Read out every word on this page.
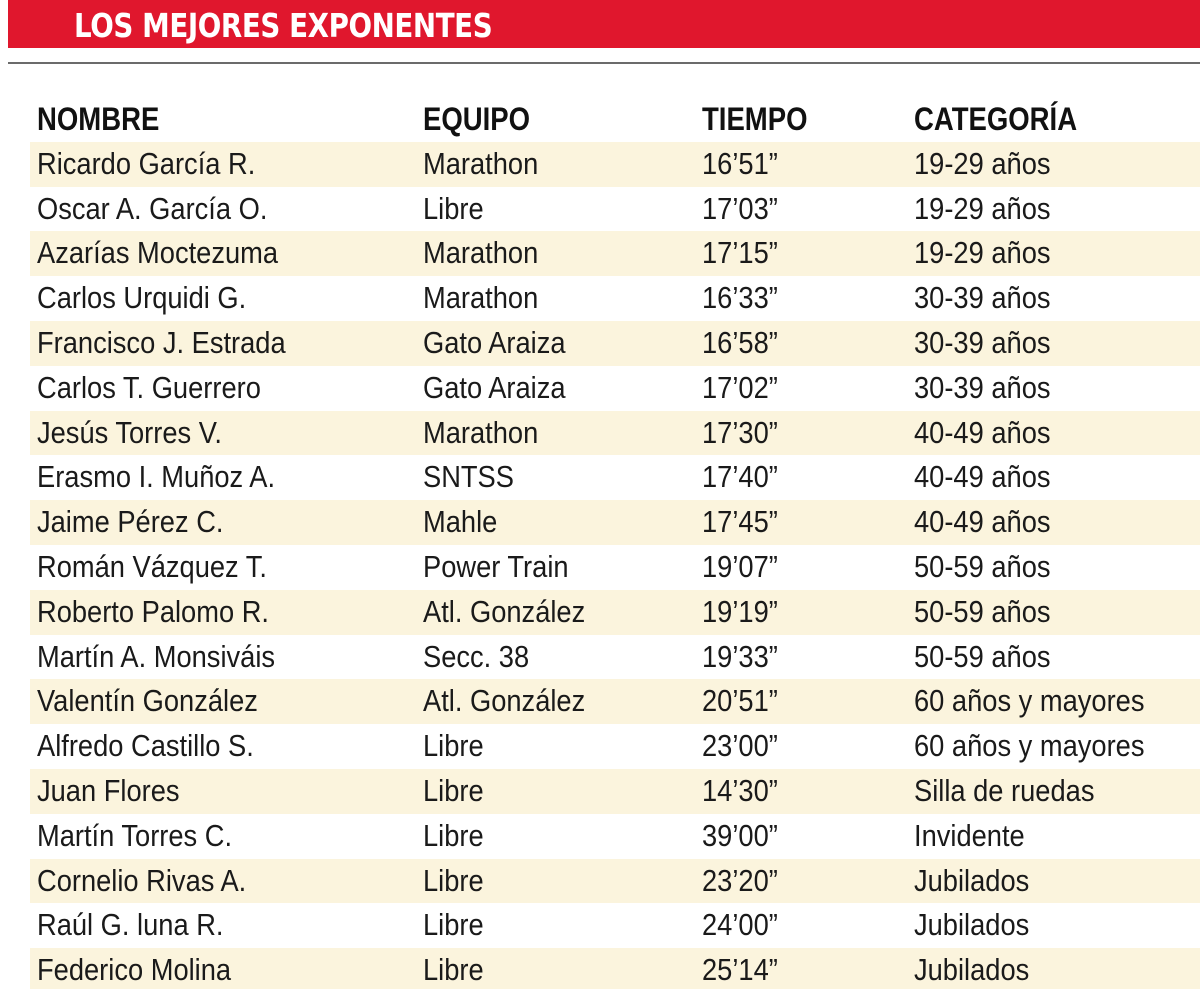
LOS MEJORES EXPONENTES
NOMBRE	EQUIPO	TIEMPO	CATEGORÍA
Ricardo García R.	Marathon	16’51”	19-29 años
Oscar A. García O.	Libre	17’03”	19-29 años
Azarías Moctezuma	Marathon	17’15”	19-29 años
Carlos Urquidi G.	Marathon	16’33”	30-39 años
Francisco J. Estrada	Gato Araiza	16’58”	30-39 años
Carlos T. Guerrero	Gato Araiza	17’02”	30-39 años
Jesús Torres V.	Marathon	17’30”	40-49 años
Erasmo I. Muñoz A.	SNTSS	17’40”	40-49 años
Jaime Pérez C.	Mahle	17’45”	40-49 años
Román Vázquez T.	Power Train	19’07”	50-59 años
Roberto Palomo R.	Atl. González	19’19”	50-59 años
Martín A. Monsiváis	Secc. 38	19’33”	50-59 años
Valentín González	Atl. González	20’51”	60 años y mayores
Alfredo Castillo S.	Libre	23’00”	60 años y mayores
Juan Flores	Libre	14’30”	Silla de ruedas
Martín Torres C.	Libre	39’00”	Invidente
Cornelio Rivas A.	Libre	23’20”	Jubilados
Raúl G. luna R.	Libre	24’00”	Jubilados
Federico Molina	Libre	25’14”	Jubilados
